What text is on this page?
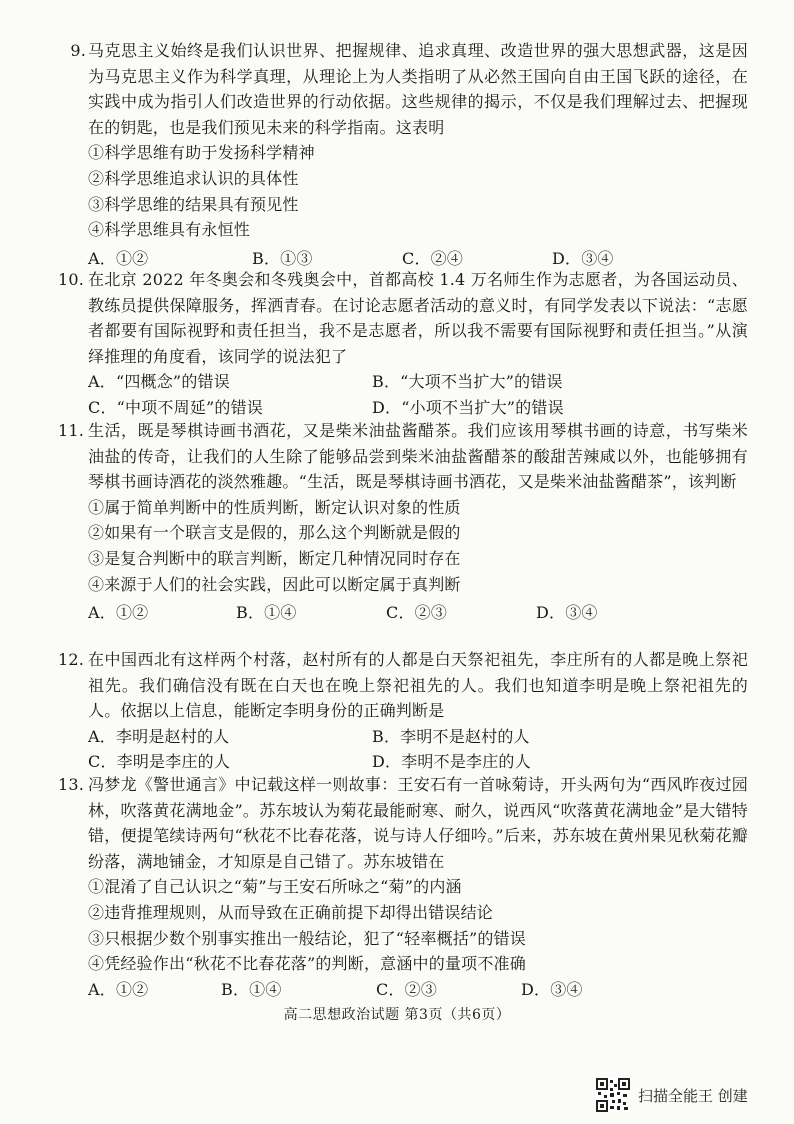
9. 马克思主义始终是我们认识世界、把握规律、追求真理、改造世界的强大思想武器，这是因为马克思主义作为科学真理，从理论上为人类指明了从必然王国向自由王国飞跃的途径，在实践中成为指引人们改造世界的行动依据。这些规律的揭示，不仅是我们理解过去、把握现在的钥匙，也是我们预见未来的科学指南。这表明

①科学思维有助于发扬科学精神
②科学思维追求认识的具体性
③科学思维的结果具有预见性
④科学思维具有永恒性
A．①②	B．①③	C．②④	D．③④
10. 在北京 2022 年冬奥会和冬残奥会中，首都高校 1.4 万名师生作为志愿者，为各国运动员、教练员提供保障服务，挥洒青春。在讨论志愿者活动的意义时，有同学发表以下说法：“志愿者都要有国际视野和责任担当，我不是志愿者，所以我不需要有国际视野和责任担当。”从演绎推理的角度看，该同学的说法犯了

A．“四概念”的错误	B．“大项不当扩大”的错误
C．“中项不周延”的错误	D．“小项不当扩大”的错误
11. 生活，既是琴棋诗画书酒花，又是柴米油盐酱醋茶。我们应该用琴棋书画的诗意，书写柴米油盐的传奇，让我们的人生除了能够品尝到柴米油盐酱醋茶的酸甜苦辣咸以外，也能够拥有琴棋书画诗酒花的淡然雅趣。“生活，既是琴棋诗画书酒花，又是柴米油盐酱醋茶”，该判断

①属于简单判断中的性质判断，断定认识对象的性质
②如果有一个联言支是假的，那么这个判断就是假的
③是复合判断中的联言判断，断定几种情况同时存在
④来源于人们的社会实践，因此可以断定属于真判断
A．①②	B．①④	C．②③	D．③④
12. 在中国西北有这样两个村落，赵村所有的人都是白天祭祀祖先，李庄所有的人都是晚上祭祀祖先。我们确信没有既在白天也在晚上祭祀祖先的人。我们也知道李明是晚上祭祀祖先的人。依据以上信息，能断定李明身份的正确判断是

A．李明是赵村的人	B．李明不是赵村的人
C．李明是李庄的人	D．李明不是李庄的人
13. 冯梦龙《警世通言》中记载这样一则故事：王安石有一首咏菊诗，开头两句为“西风昨夜过园林，吹落黄花满地金”。苏东坡认为菊花最能耐寒、耐久，说西风“吹落黄花满地金”是大错特错，便提笔续诗两句“秋花不比春花落，说与诗人仔细吟。”后来，苏东坡在黄州果见秋菊花瓣纷落，满地铺金，才知原是自己错了。苏东坡错在

①混淆了自己认识之“菊”与王安石所咏之“菊”的内涵
②违背推理规则，从而导致在正确前提下却得出错误结论
③只根据少数个别事实推出一般结论，犯了“轻率概括”的错误
④凭经验作出“秋花不比春花落”的判断，意涵中的量项不准确
A．①②	B．①④	C．②③	D．③④
高二思想政治试题 第3页（共6页）
扫描全能王 创建
